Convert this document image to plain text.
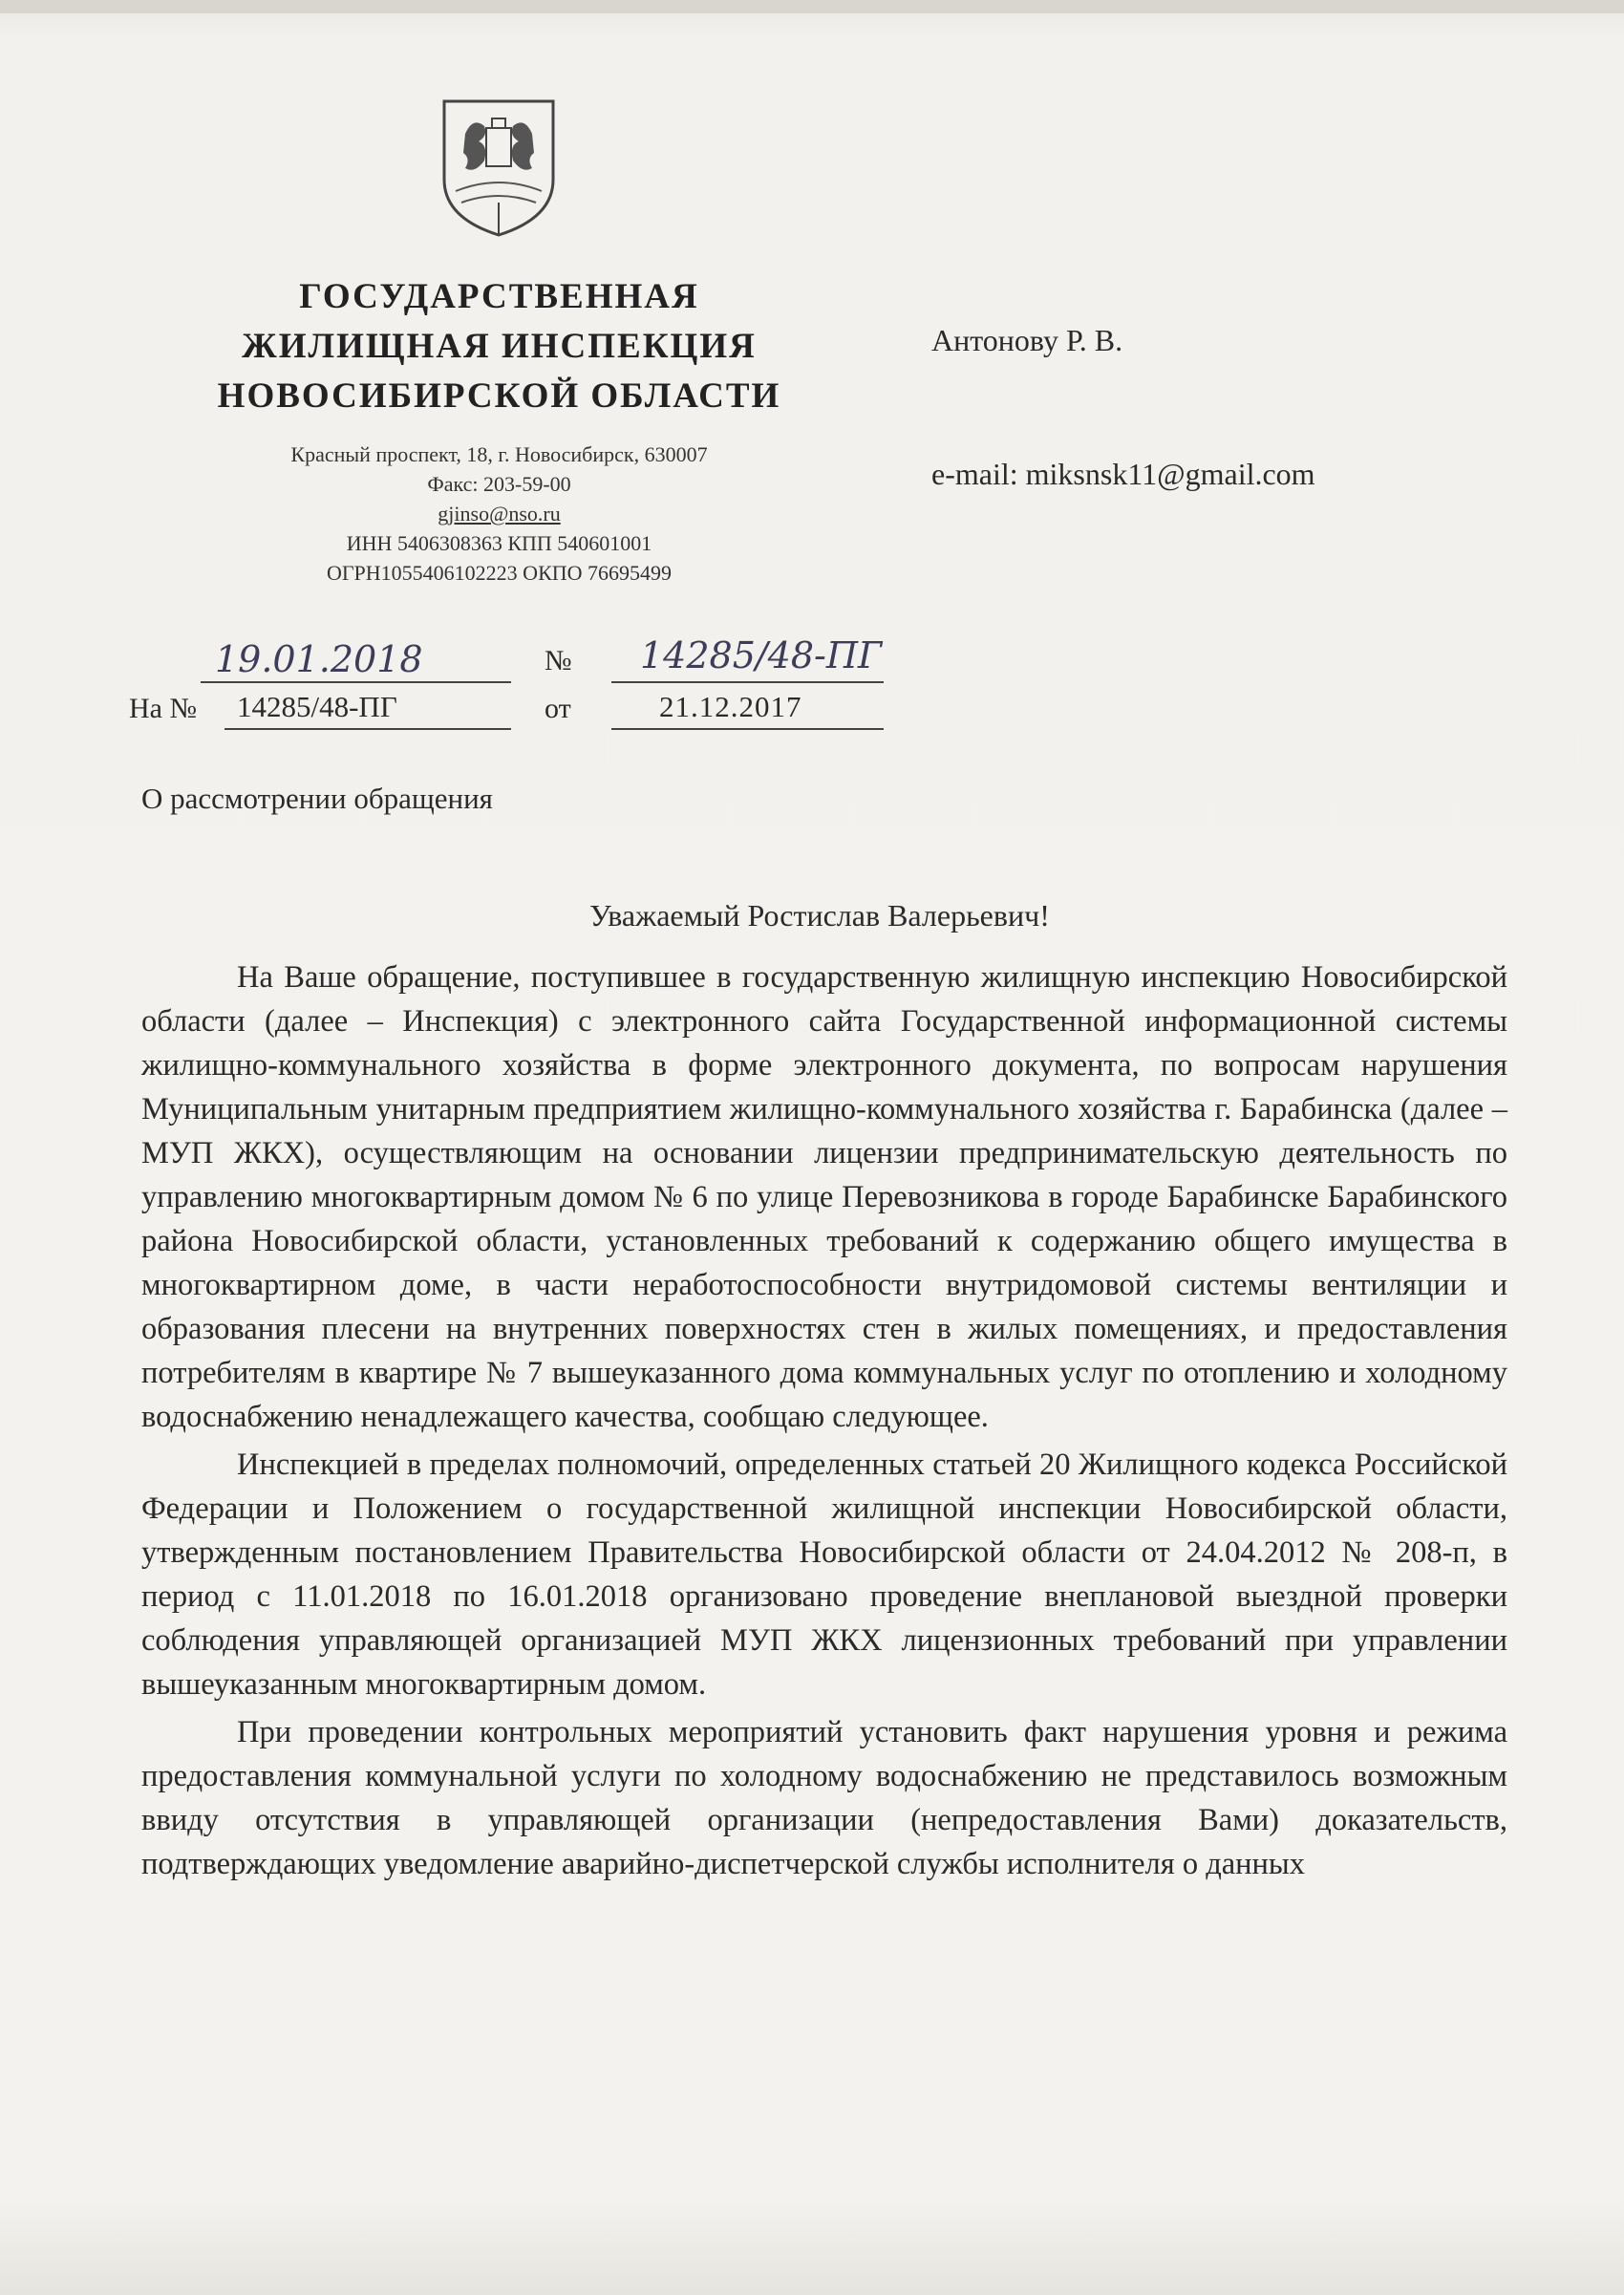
ГОСУДАРСТВЕННАЯ
ЖИЛИЩНАЯ ИНСПЕКЦИЯ
НОВОСИБИРСКОЙ ОБЛАСТИ
Красный проспект, 18, г. Новосибирск, 630007
Факс: 203-59-00
gjinso@nso.ru
ИНН 5406308363 КПП 540601001
ОГРН1055406102223 ОКПО 76695499
Антонову Р. В.
e-mail: miksnsk11@gmail.com
19.01.2018	№ 14285/48-ПГ
На № 14285/48-ПГ	от	21.12.2017
О рассмотрении обращения
Уважаемый Ростислав Валерьевич!

На Ваше обращение, поступившее в государственную жилищную инспекцию Новосибирской области (далее – Инспекция) с электронного сайта Государственной информационной системы жилищно-коммунального хозяйства в форме электронного документа, по вопросам нарушения Муниципальным унитарным предприятием жилищно-коммунального хозяйства г. Барабинска (далее – МУП ЖКХ), осуществляющим на основании лицензии предпринимательскую деятельность по управлению многоквартирным домом № 6 по улице Перевозникова в городе Барабинске Барабинского района Новосибирской области, установленных требований к содержанию общего имущества в многоквартирном доме, в части неработоспособности внутридомовой системы вентиляции и образования плесени на внутренних поверхностях стен в жилых помещениях, и предоставления потребителям в квартире № 7 вышеуказанного дома коммунальных услуг по отоплению и холодному водоснабжению ненадлежащего качества, сообщаю следующее.

Инспекцией в пределах полномочий, определенных статьей 20 Жилищного кодекса Российской Федерации и Положением о государственной жилищной инспекции Новосибирской области, утвержденным постановлением Правительства Новосибирской области от 24.04.2012 № 208-п, в период с 11.01.2018 по 16.01.2018 организовано проведение внеплановой выездной проверки соблюдения управляющей организацией МУП ЖКХ лицензионных требований при управлении вышеуказанным многоквартирным домом.

При проведении контрольных мероприятий установить факт нарушения уровня и режима предоставления коммунальной услуги по холодному водоснабжению не представилось возможным ввиду отсутствия в управляющей организации (непредоставления Вами) доказательств, подтверждающих уведомление аварийно-диспетчерской службы исполнителя о данных
